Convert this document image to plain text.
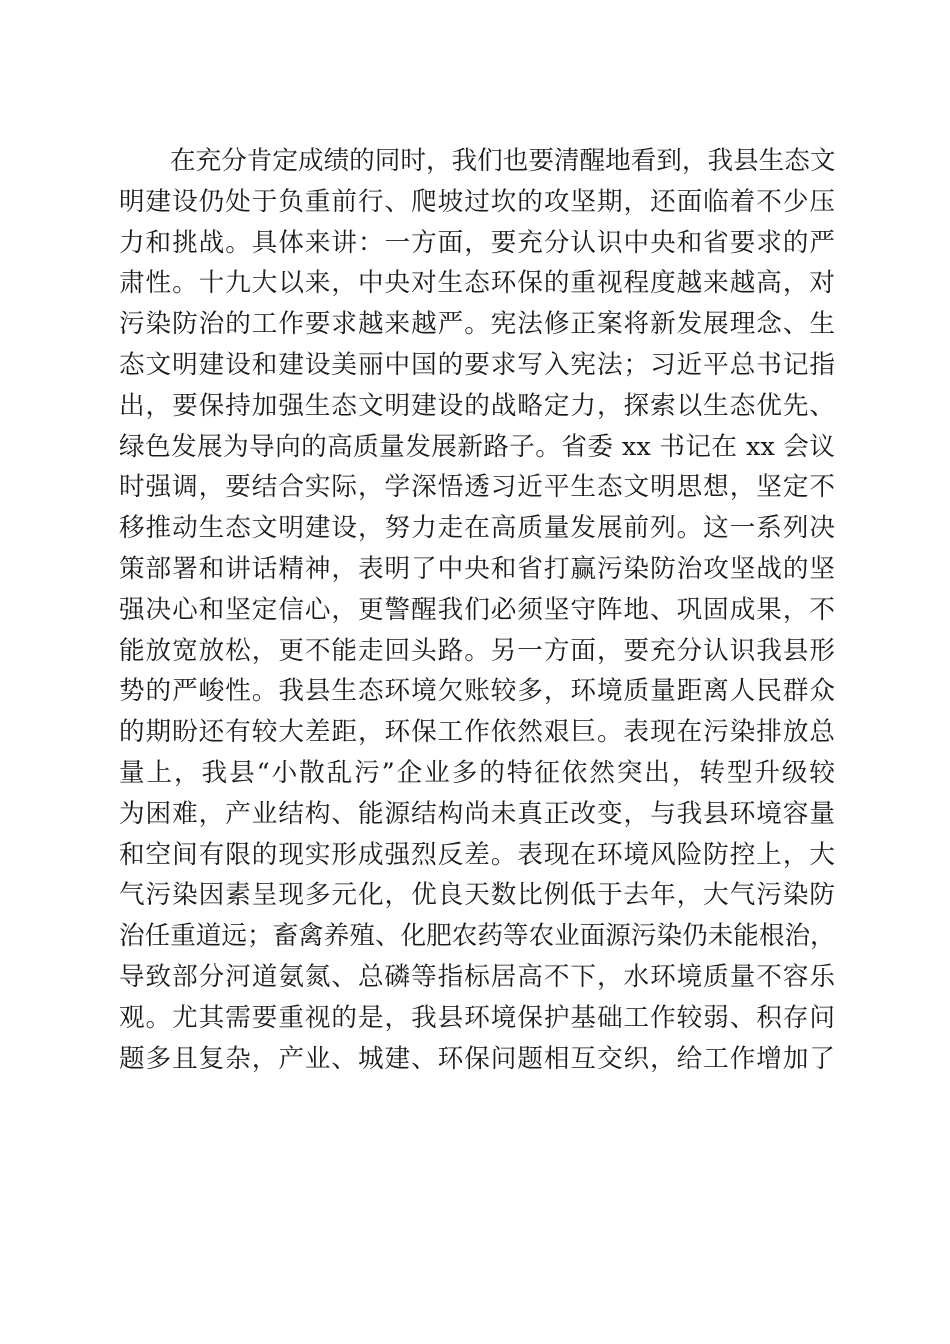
在充分肯定成绩的同时，我们也要清醒地看到，我县生态文
明建设仍处于负重前行、爬坡过坎的攻坚期，还面临着不少压
力和挑战。具体来讲：一方面，要充分认识中央和省要求的严
肃性。十九大以来，中央对生态环保的重视程度越来越高，对
污染防治的工作要求越来越严。宪法修正案将新发展理念、生
态文明建设和建设美丽中国的要求写入宪法；习近平总书记指
出，要保持加强生态文明建设的战略定力，探索以生态优先、
绿色发展为导向的高质量发展新路子。省委 xx 书记在 xx 会议
时强调，要结合实际，学深悟透习近平生态文明思想，坚定不
移推动生态文明建设，努力走在高质量发展前列。这一系列决
策部署和讲话精神，表明了中央和省打赢污染防治攻坚战的坚
强决心和坚定信心，更警醒我们必须坚守阵地、巩固成果，不
能放宽放松，更不能走回头路。另一方面，要充分认识我县形
势的严峻性。我县生态环境欠账较多，环境质量距离人民群众
的期盼还有较大差距，环保工作依然艰巨。表现在污染排放总
量上，我县“小散乱污”企业多的特征依然突出，转型升级较
为困难，产业结构、能源结构尚未真正改变，与我县环境容量
和空间有限的现实形成强烈反差。表现在环境风险防控上，大
气污染因素呈现多元化，优良天数比例低于去年，大气污染防
治任重道远；畜禽养殖、化肥农药等农业面源污染仍未能根治，
导致部分河道氨氮、总磷等指标居高不下，水环境质量不容乐
观。尤其需要重视的是，我县环境保护基础工作较弱、积存问
题多且复杂，产业、城建、环保问题相互交织，给工作增加了
